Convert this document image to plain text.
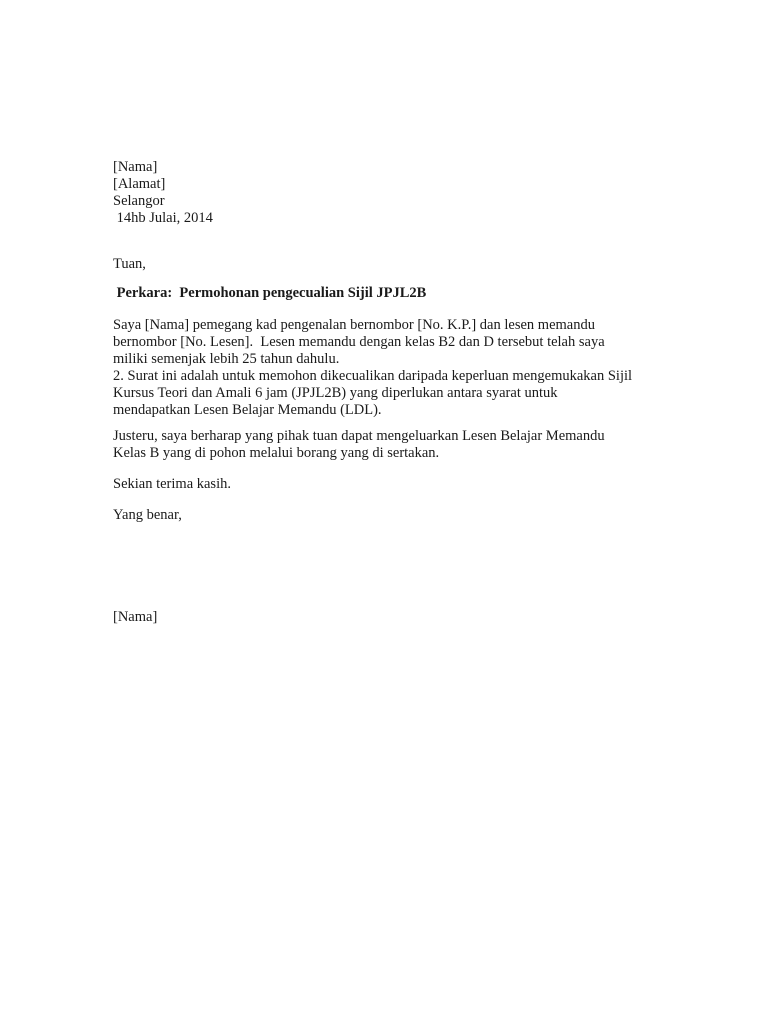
[Nama]
[Alamat]
Selangor
14hb Julai, 2014
Tuan,
Perkara:  Permohonan pengecualian Sijil JPJL2B
Saya [Nama] pemegang kad pengenalan bernombor [No. K.P.] dan lesen memandu
bernombor [No. Lesen].  Lesen memandu dengan kelas B2 dan D tersebut telah saya
miliki semenjak lebih 25 tahun dahulu.
2. Surat ini adalah untuk memohon dikecualikan daripada keperluan mengemukakan Sijil
Kursus Teori dan Amali 6 jam (JPJL2B) yang diperlukan antara syarat untuk
mendapatkan Lesen Belajar Memandu (LDL).
Justeru, saya berharap yang pihak tuan dapat mengeluarkan Lesen Belajar Memandu
Kelas B yang di pohon melalui borang yang di sertakan.
Sekian terima kasih.
Yang benar,
[Nama]
